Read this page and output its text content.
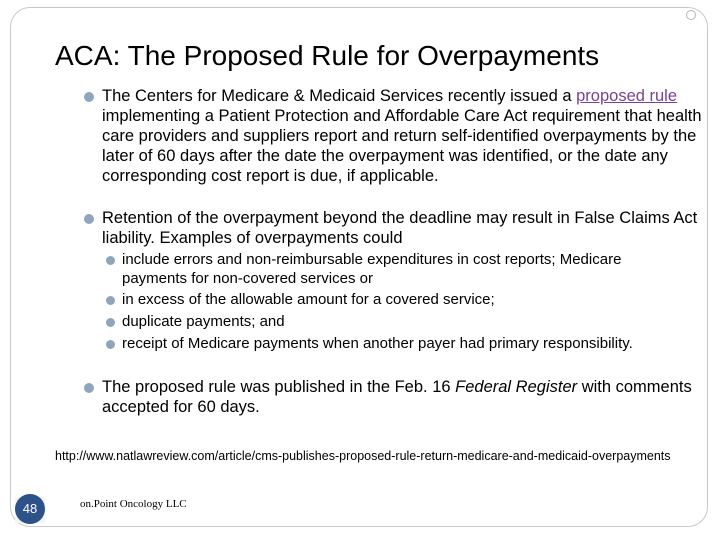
ACA: The Proposed Rule for Overpayments
The Centers for Medicare & Medicaid Services recently issued a proposed rule implementing a Patient Protection and Affordable Care Act requirement that health care providers and suppliers report and return self-identified overpayments by the later of 60 days after the date the overpayment was identified, or the date any corresponding cost report is due, if applicable.
Retention of the overpayment beyond the deadline may result in False Claims Act liability. Examples of overpayments could
include errors and non-reimbursable expenditures in cost reports; Medicare payments for non-covered services or
in excess of the allowable amount for a covered service;
duplicate payments; and
receipt of Medicare payments when another payer had primary responsibility.
The proposed rule was published in the Feb. 16 Federal Register with comments accepted for 60 days.
http://www.natlawreview.com/article/cms-publishes-proposed-rule-return-medicare-and-medicaid-overpayments
48	on.Point Oncology LLC
